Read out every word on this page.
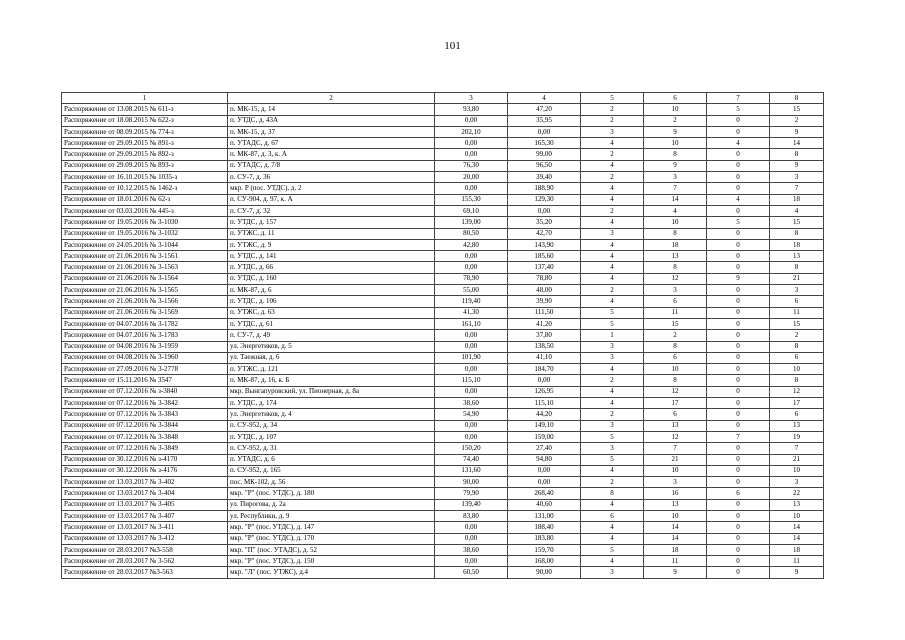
101
1	2	3	4	5	6	7	8
Распоряжение от 13.08.2015 № 611-з	п. МК-15, д. 14	93,80	47,20	2	10	5	15
Распоряжение от 18.08.2015 № 622-з	п. УТДС, д. 43А	0,00	35,95	2	2	0	2
Распоряжение от 08.09.2015 № 774-з	п. МК-15, д. 37	202,10	0,00	3	9	0	9
Распоряжение от 29.09.2015 № 891-з	п. УТАДС, д. 67	0,00	165,30	4	10	4	14
Распоряжение от 29.09.2015 № 892-з	п. МК-87, д. 3, к. А	0,00	99,00	2	8	0	8
Распоряжение от 29.09.2015 № 893-з	п. УТАДС, д. 7/8	76,30	96,50	4	9	0	9
Распоряжение от 16.10.2015 № 1035-з	п. СУ-7, д. 36	20,00	39,40	2	3	0	3
Распоряжение от 10.12.2015 № 1462-з	мкр. Р (пос. УТДС), д. 2	0,00	188,90	4	7	0	7
Распоряжение от 18.01.2016 № 62-з	п. СУ-904, д. 97, к. А	155,30	129,30	4	14	4	18
Распоряжение от 03.03.2016 № 445-з	п. СУ-7, д. 32	69,10	0,00	2	4	0	4
Распоряжение от 19.05.2016 № 3-1030	п. УТДС, д. 157	139,00	35,20	4	10	5	15
Распоряжение от 19.05.2016 № 3-1032	п. УТЖС, д. 11	80,50	42,70	3	8	0	8
Распоряжение от 24.05.2016 № 3-1044	п. УТЖС, д. 9	42,80	143,90	4	18	0	18
Распоряжение от 21.06.2016 № 3-1561	п. УТДС, д. 141	0,00	185,60	4	13	0	13
Распоряжение от 21.06.2016 № 3-1563	п. УТДС, д. 66	0,00	137,40	4	8	0	8
Распоряжение от 21.06.2016 № 3-1564	п. УТДС, д. 160	78,90	78,80	4	12	9	21
Распоряжение от 21.06.2016 № 3-1565	п. МК-87, д. 6	55,00	48,00	2	3	0	3
Распоряжение от 21.06.2016 № 3-1566	п. УТДС, д. 106	119,40	39,90	4	6	0	6
Распоряжение от 21.06.2016 № 3-1569	п. УТЖС, д. 63	41,30	111,50	5	11	0	11
Распоряжение от 04.07.2016 № 3-1782	п. УТДС, д. 61	161,10	41,20	5	15	0	15
Распоряжение от 04.07.2016 № 3-1783	п. СУ-7, д. 49	0,00	37,80	1	2	0	2
Распоряжение от 04.08.2016 № 3-1959	ул. Энергетиков, д. 5	0,00	138,50	3	8	0	8
Распоряжение от 04.08.2016 № 3-1960	ул. Таежная, д. 6	101,90	41,10	3	6	0	6
Распоряжение от 27.09.2016 № 3-2778	п. УТЖС, д. 121	0,00	184,70	4	10	0	10
Распоряжение от 15.11.2016 № 3547	п. МК-87, д. 16, к. Б	115,10	0,00	2	8	0	8
Распоряжение от 07.12.2016 № з-3840	мкр. Вынгапуровский, ул. Пионерная, д. 8а	0,00	126,95	4	12	0	12
Распоряжение от 07.12.2016 № 3-3842	п. УТДС, д. 174	38,60	115,10	4	17	0	17
Распоряжение от 07.12.2016 № 3-3843	ул. Энергетиков, д. 4	54,90	44,20	2	6	0	6
Распоряжение от 07.12.2016 № 3-3844	п. СУ-952, д. 34	0,00	149,10	3	13	0	13
Распоряжение от 07.12.2016 № 3-3848	п. УТДС, д. 107	0,00	159,00	5	12	7	19
Распоряжение от 07.12.2016 № 3-3849	п. СУ-952, д. 31	150,20	27,40	3	7	0	7
Распоряжение от 30.12.2016 № з-4170	п. УТАДС, д. 6	74,40	94,80	5	21	0	21
Распоряжение от 30.12.2016 № з-4176	п. СУ-952, д. 165	131,60	0,00	4	10	0	10
Распоряжение от 13.03.2017 № 3-402	пос. МК-102, д. 56	90,00	0,00	2	3	0	3
Распоряжение от 13.03.2017 № 3-404	мкр. "Р" (пос. УТДС), д. 180	79,90	268,40	8	16	6	22
Распоряжение от 13.03.2017 № 3-405	ул. Пирогова, д. 2а	139,40	40,60	4	13	0	13
Распоряжение от 13.03.2017 № 3-407	ул. Республики, д. 9	83,80	131,00	6	10	0	10
Распоряжение от 13.03.2017 № 3-411	мкр. "Р" (пос. УТДС), д. 147	0,00	188,40	4	14	0	14
Распоряжение от 13.03.2017 № 3-412	мкр. "Р" (пос. УТДС), д. 170	0,00	183,80	4	14	0	14
Распоряжение от 28.03.2017 №3-558	мкр. "П" (пос. УТАДС), д. 52	38,60	159,70	5	18	0	18
Распоряжение от 28.03.2017 № 3-562	мкр. "Р" (пос. УТДС), д. 150	0,00	168,00	4	11	0	11
Распоряжение от 28.03.2017 №3-563	мкр. "Л" (пос. УТЖС), д.4	60,50	90,00	3	9	0	9
